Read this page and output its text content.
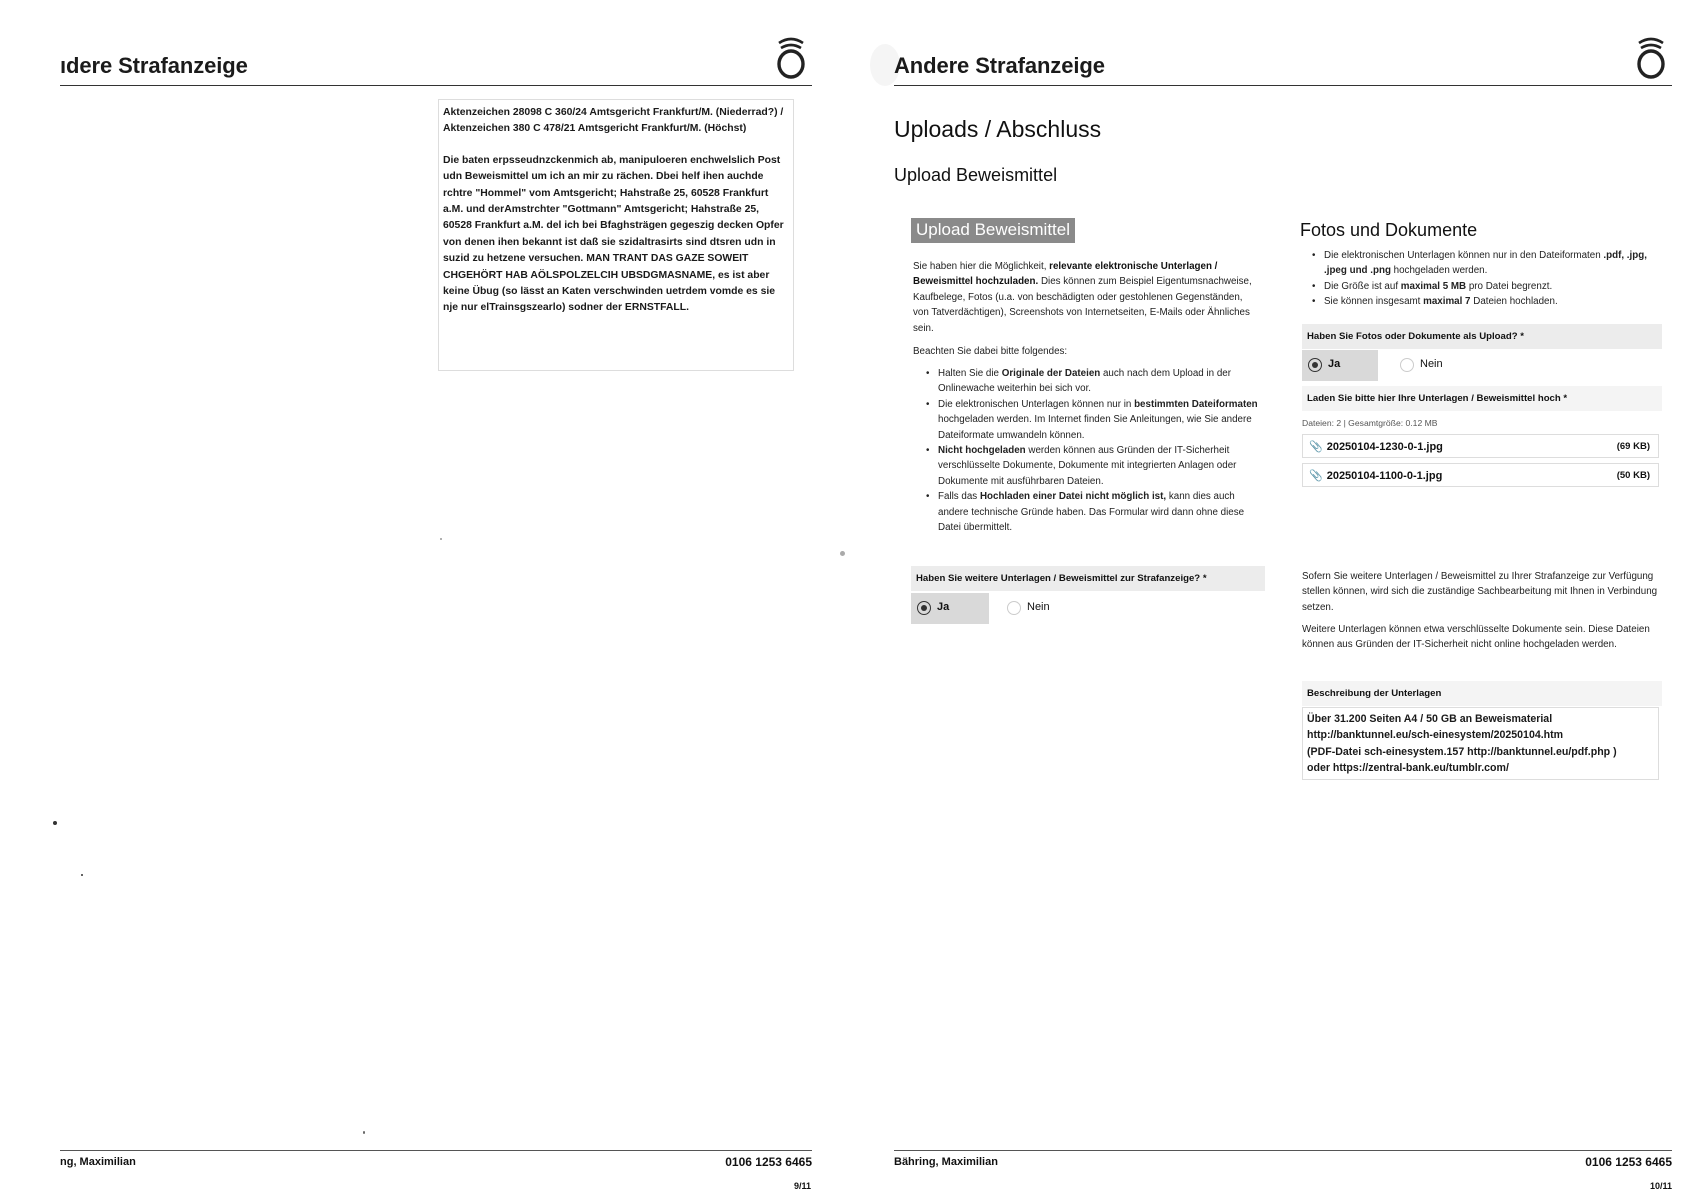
ıdere Strafanzeige

Aktenzeichen 28098 C 360/24 Amtsgericht Frankfurt/M. (Niederrad?) / Aktenzeichen 380 C 478/21 Amtsgericht Frankfurt/M. (Höchst)

Die baten erpsseudnzckenmich ab, manipuloeren enchwelslich Post udn Beweismittel um ich an mir zu rächen. Dbei helf ihen auchde rchtre "Hommel" vom Amtsgericht; Hahstraße 25, 60528 Frankfurt a.M. und derAmstrchter "Gottmann" Amtsgericht; Hahstraße 25, 60528 Frankfurt a.M. del ich bei Bfaghsträgen gegeszig decken Opfer von denen ihen bekannt ist daß sie szidaltrasirts sind dtsren udn in suzid zu hetzene versuchen. MAN TRANT DAS GAZE SOWEIT CHGEHÖRT HAB AÖLSPOLZELCIH UBSDGMASNAME, es ist aber keine Übug (so lässt an Katen verschwinden uetrdem vomde es sie nje nur elTrainsgszearlo) sodner der ERNSTFALL.

ng, Maximilian	0106 1253 6465
9/11
Andere Strafanzeige
Uploads / Abschluss
Upload Beweismittel
Upload Beweismittel
Sie haben hier die Möglichkeit, relevante elektronische Unterlagen / Beweismittel hochzuladen. Dies können zum Beispiel Eigentumsnachweise, Kaufbelege, Fotos (u.a. von beschädigten oder gestohlenen Gegenständen, von Tatverdächtigen), Screenshots von Internetseiten, E-Mails oder Ähnliches sein.
Beachten Sie dabei bitte folgendes:
• Halten Sie die Originale der Dateien auch nach dem Upload in der Onlinewache weiterhin bei sich vor.
• Die elektronischen Unterlagen können nur in bestimmten Dateiformaten hochgeladen werden. Im Internet finden Sie Anleitungen, wie Sie andere Dateiformate umwandeln können.
• Nicht hochgeladen werden können aus Gründen der IT-Sicherheit verschlüsselte Dokumente, Dokumente mit integrierten Anlagen oder Dokumente mit ausführbaren Dateien.
• Falls das Hochladen einer Datei nicht möglich ist, kann dies auch andere technische Gründe haben. Das Formular wird dann ohne diese Datei übermittelt.
Haben Sie weitere Unterlagen / Beweismittel zur Strafanzeige? *
Ja	Nein
Fotos und Dokumente
• Die elektronischen Unterlagen können nur in den Dateiformaten .pdf, .jpg, .jpeg und .png hochgeladen werden.
• Die Größe ist auf maximal 5 MB pro Datei begrenzt.
• Sie können insgesamt maximal 7 Dateien hochladen.
Haben Sie Fotos oder Dokumente als Upload? *
Ja	Nein
Laden Sie bitte hier Ihre Unterlagen / Beweismittel hoch *
Dateien: 2 | Gesamtgröße: 0.12 MB
📎 20250104-1230-0-1.jpg	(69 KB)
📎 20250104-1100-0-1.jpg	(50 KB)
Sofern Sie weitere Unterlagen / Beweismittel zu Ihrer Strafanzeige zur Verfügung stellen können, wird sich die zuständige Sachbearbeitung mit Ihnen in Verbindung setzen.
Weitere Unterlagen können etwa verschlüsselte Dokumente sein. Diese Dateien können aus Gründen der IT-Sicherheit nicht online hochgeladen werden.
Beschreibung der Unterlagen
Über 31.200 Seiten A4 / 50 GB an Beweismaterial
http://banktunnel.eu/sch-einesystem/20250104.htm
(PDF-Datei sch-einesystem.157 http://banktunnel.eu/pdf.php )
oder https://zentral-bank.eu/tumblr.com/
Bähring, Maximilian	0106 1253 6465
10/11
